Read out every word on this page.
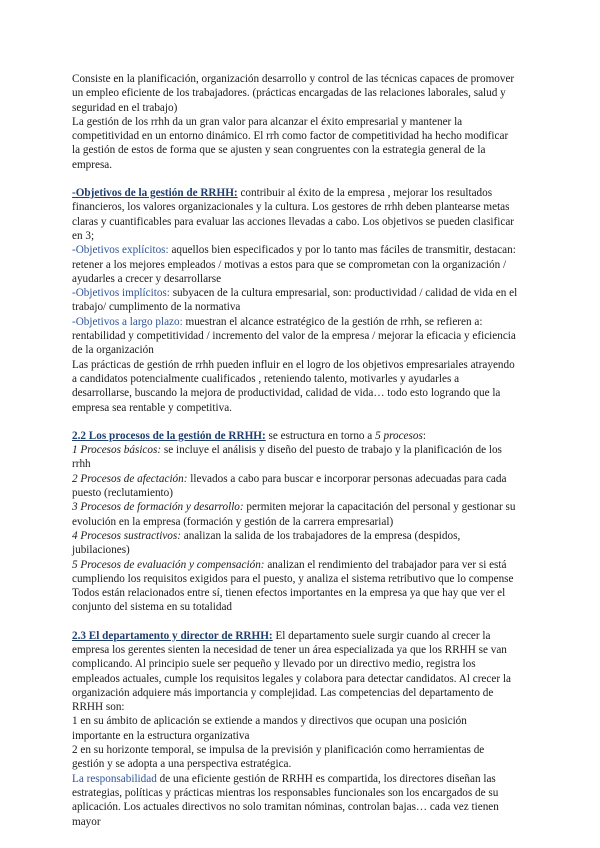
Consiste en la planificación, organización desarrollo y control de las técnicas capaces de promover un empleo eficiente de los trabajadores. (prácticas encargadas de las relaciones laborales, salud y seguridad en el trabajo)

La gestión de los rrhh da un gran valor para alcanzar el éxito empresarial y mantener la competitividad en un entorno dinámico. El rrh como factor de competitividad ha hecho modificar la gestión de estos de forma que se ajusten y sean congruentes con la estrategia general de la empresa.

-Objetivos de la gestión de RRHH: contribuir al éxito de la empresa , mejorar los resultados financieros, los valores organizacionales y la cultura. Los gestores de rrhh deben plantearse metas claras y cuantificables para evaluar las acciones llevadas a cabo. Los objetivos se pueden clasificar en 3;

-Objetivos explícitos: aquellos bien especificados y por lo tanto mas fáciles de transmitir, destacan: retener a los mejores empleados / motivas a estos para que se comprometan con la organización / ayudarles a crecer y desarrollarse

-Objetivos implícitos: subyacen de la cultura empresarial, son: productividad / calidad de vida en el trabajo/ cumplimento de la normativa

-Objetivos a largo plazo: muestran el alcance estratégico de la gestión de rrhh, se refieren a: rentabilidad y competitividad / incremento del valor de la empresa / mejorar la eficacia y eficiencia de la organización

Las prácticas de gestión de rrhh pueden influir en el logro de los objetivos empresariales atrayendo a candidatos potencialmente cualificados , reteniendo talento, motivarles y ayudarles a desarrollarse, buscando la mejora de productividad, calidad de vida… todo esto logrando que la empresa sea rentable y competitiva.

2.2 Los procesos de la gestión de RRHH: se estructura en torno a 5 procesos:

1 Procesos básicos: se incluye el análisis y diseño del puesto de trabajo y la planificación de los rrhh

2 Procesos de afectación: llevados a cabo para buscar e incorporar personas adecuadas para cada puesto (reclutamiento)

3 Procesos de formación y desarrollo: permiten mejorar la capacitación del personal y gestionar su evolución en la empresa (formación y gestión de la carrera empresarial)

4 Procesos sustractivos: analizan la salida de los trabajadores de la empresa (despidos, jubilaciones)

5 Procesos de evaluación y compensación: analizan el rendimiento del trabajador para ver si está cumpliendo los requisitos exigidos para el puesto, y analiza el sistema retributivo que lo compense

Todos están relacionados entre sí, tienen efectos importantes en la empresa ya que hay que ver el conjunto del sistema en su totalidad

2.3 El departamento y director de RRHH: El departamento suele surgir cuando al crecer la empresa los gerentes sienten la necesidad de tener un área especializada ya que los RRHH se van complicando. Al principio suele ser pequeño y llevado por un directivo medio, registra los empleados actuales, cumple los requisitos legales y colabora para detectar candidatos. Al crecer la organización adquiere más importancia y complejidad. Las competencias del departamento de RRHH son:

1 en su ámbito de aplicación se extiende a mandos y directivos que ocupan una posición importante en la estructura organizativa

2 en su horizonte temporal, se impulsa de la previsión y planificación como herramientas de gestión y se adopta a una perspectiva estratégica.

La responsabilidad de una eficiente gestión de RRHH es compartida, los directores diseñan las estrategias, políticas y prácticas mientras los responsables funcionales son los encargados de su aplicación. Los actuales directivos no solo tramitan nóminas, controlan bajas… cada vez tienen mayor
